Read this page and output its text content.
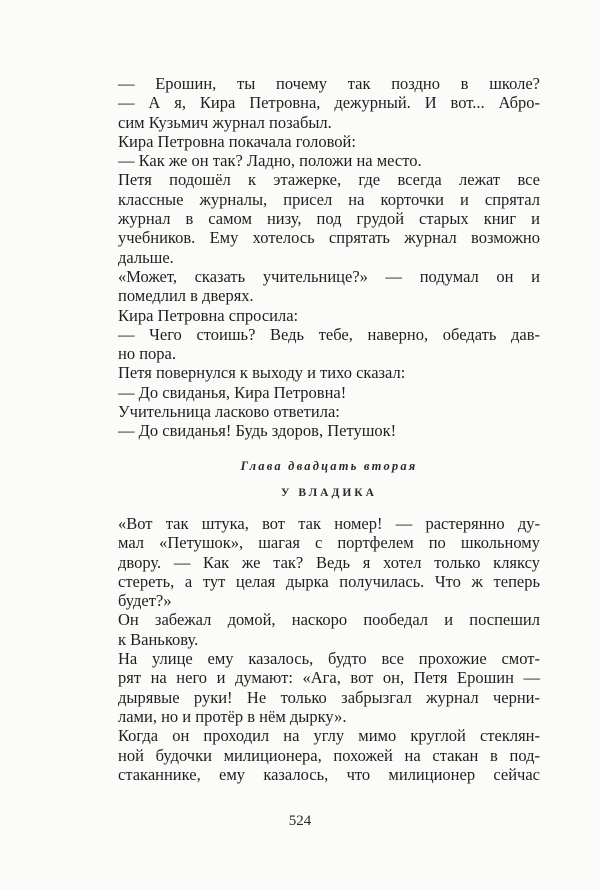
— Ерошин, ты почему так поздно в школе?
— А я, Кира Петровна, дежурный. И вот... Абро-
сим Кузьмич журнал позабыл.
Кира Петровна покачала головой:
— Как же он так? Ладно, положи на место.
Петя подошёл к этажерке, где всегда лежат все
классные журналы, присел на корточки и спрятал
журнал в самом низу, под грудой старых книг и
учебников. Ему хотелось спрятать журнал возможно
дальше.
«Может, сказать учительнице?» — подумал он и
помедлил в дверях.
Кира Петровна спросила:
— Чего стоишь? Ведь тебе, наверно, обедать дав-
но пора.
Петя повернулся к выходу и тихо сказал:
— До свиданья, Кира Петровна!
Учительница ласково ответила:
— До свиданья! Будь здоров, Петушок!
Глава двадцать вторая
У ВЛАДИКА
«Вот так штука, вот так номер! — растерянно ду-
мал «Петушок», шагая с портфелем по школьному
двору. — Как же так? Ведь я хотел только кляксу
стереть, а тут целая дырка получилась. Что ж теперь
будет?»
Он забежал домой, наскоро пообедал и поспешил
к Ванькову.
На улице ему казалось, будто все прохожие смот-
рят на него и думают: «Ага, вот он, Петя Ерошин —
дырявые руки! Не только забрызгал журнал черни-
лами, но и протёр в нём дырку».
Когда он проходил на углу мимо круглой стеклян-
ной будочки милиционера, похожей на стакан в под-
стаканнике, ему казалось, что милиционер сейчас
524
